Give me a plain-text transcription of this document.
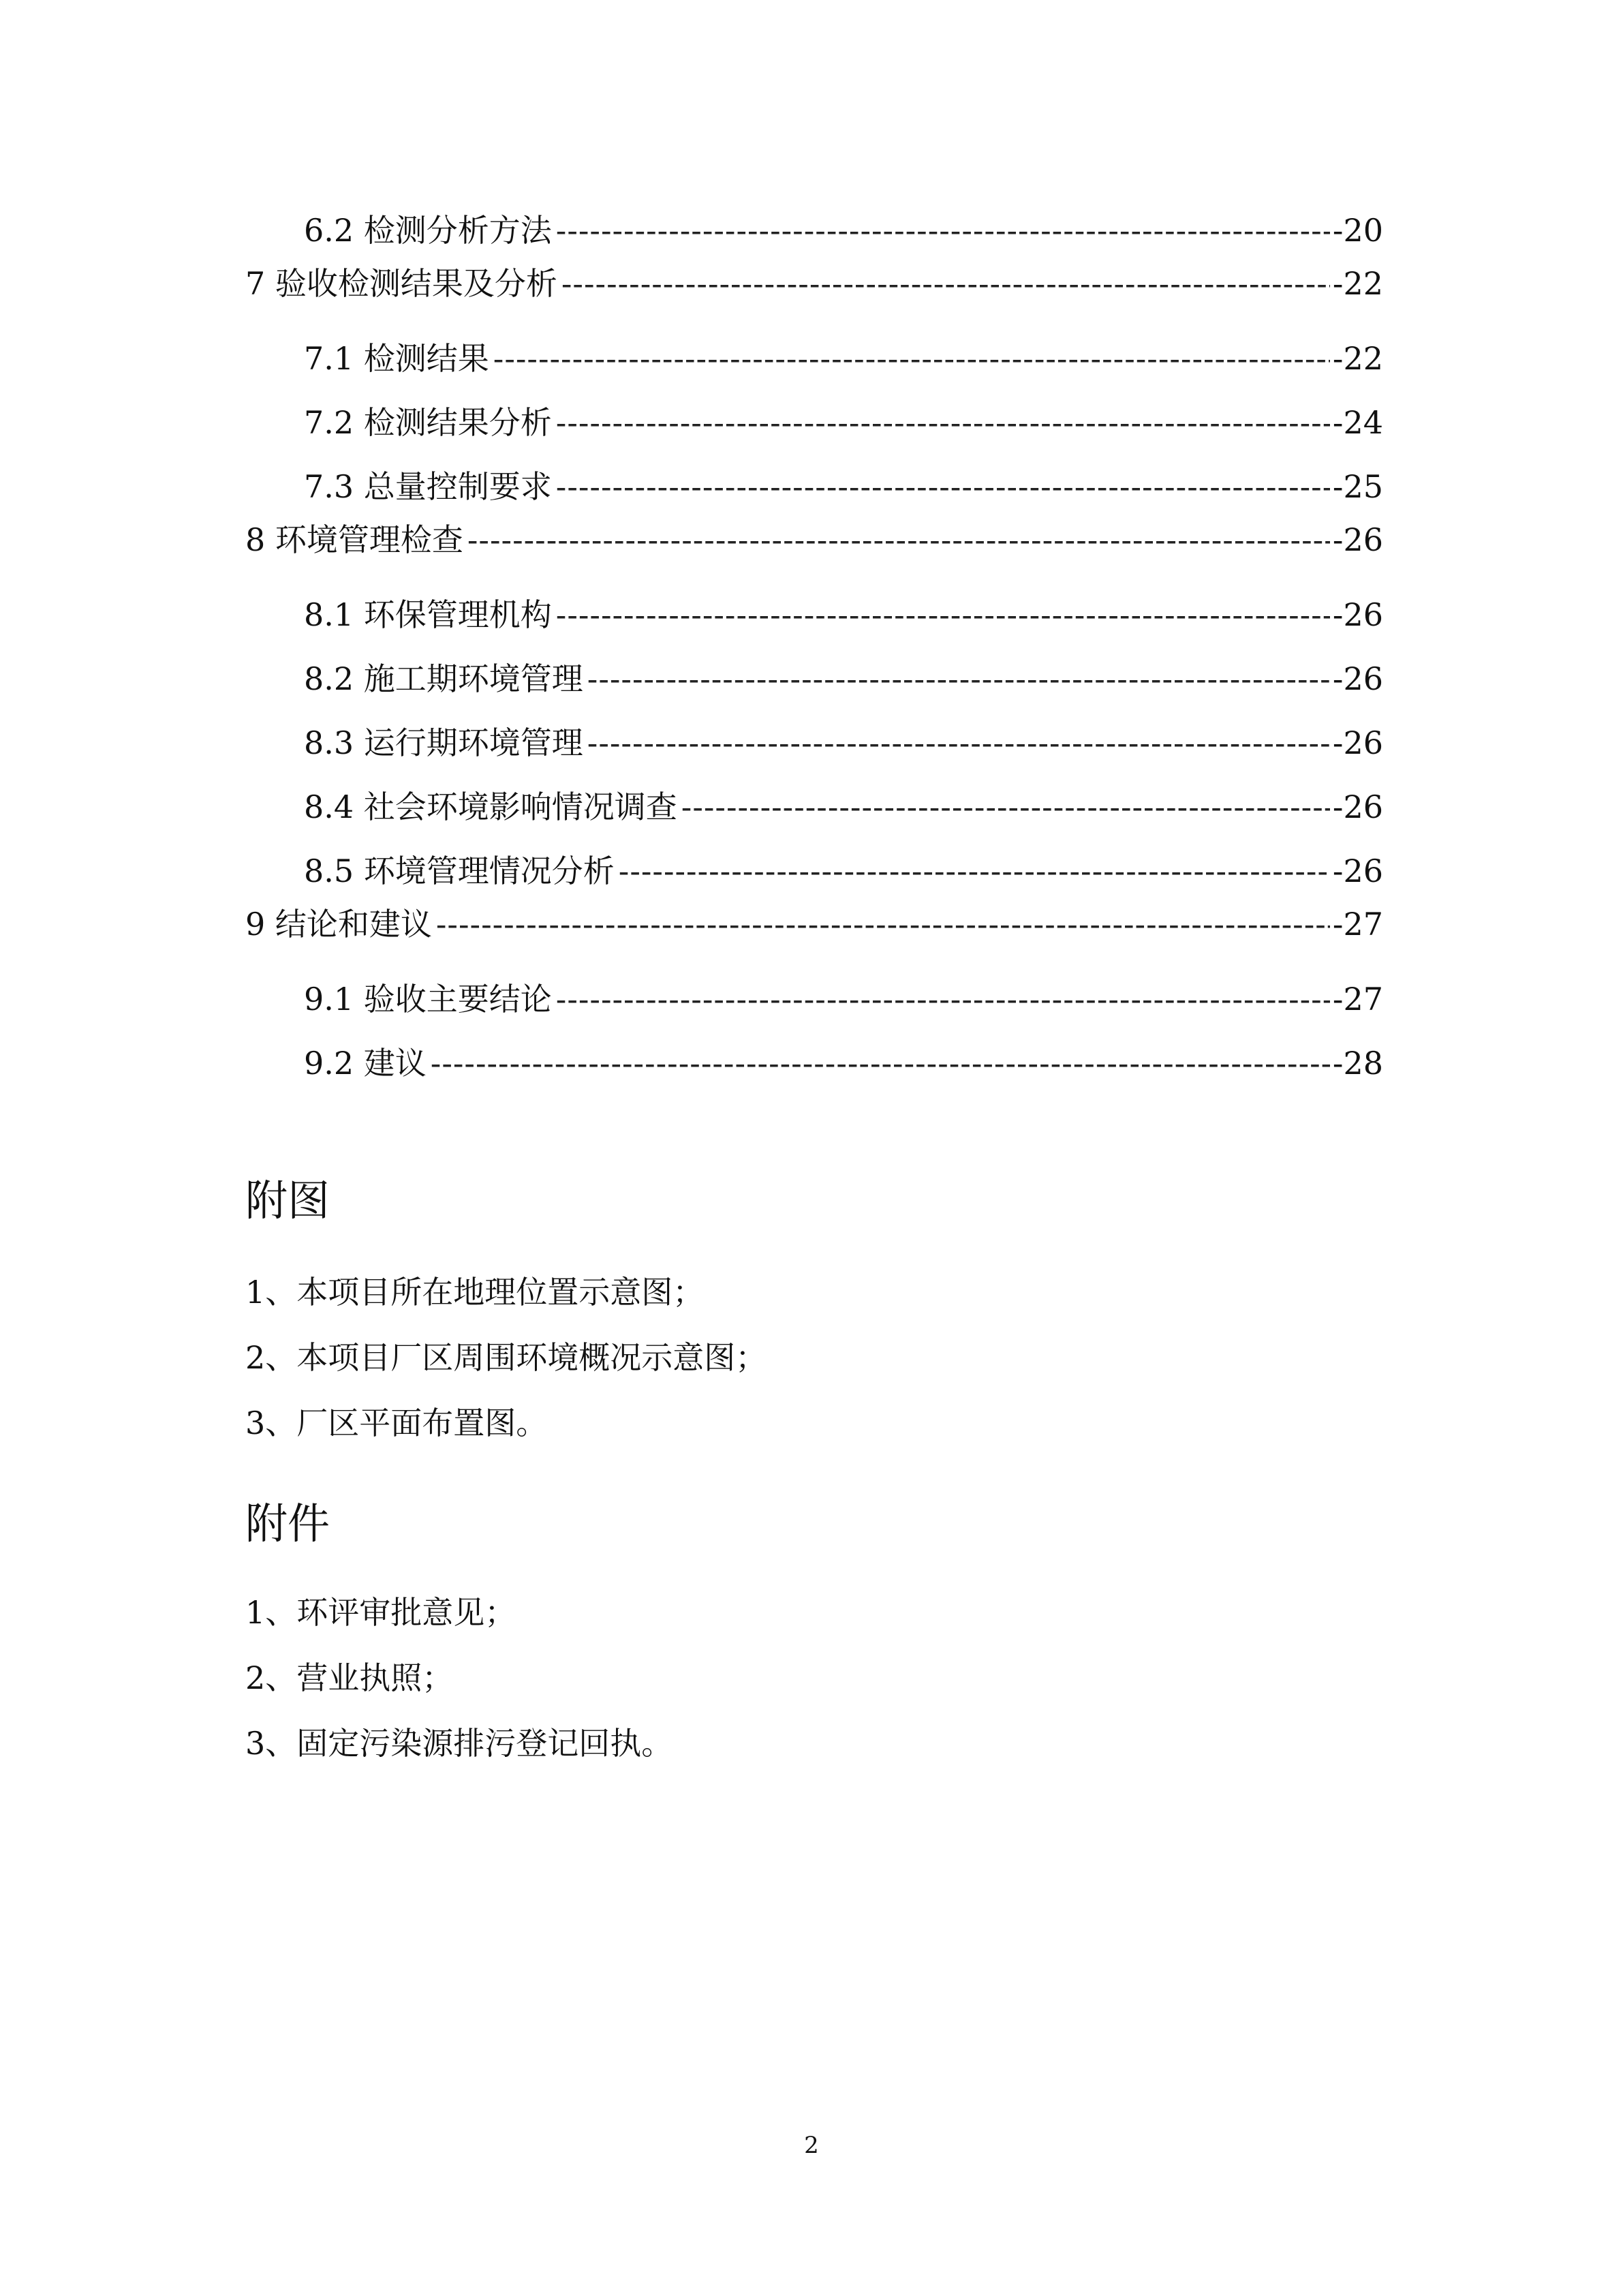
6.2 检测分析方法 -----	-20
7 验收检测结果及分析 -----	-22
7.1 检测结果 -----	-22
7.2 检测结果分析 -----	-24
7.3 总量控制要求 -----	-25
8 环境管理检查 -----	-26
8.1 环保管理机构 -----	-26
8.2 施工期环境管理 -----	-26
8.3 运行期环境管理 -----	-26
8.4 社会环境影响情况调查 -----	-26
8.5 环境管理情况分析 -----	-26
9 结论和建议 -----	-27
9.1 验收主要结论 -----	-27
9.2 建议 -----	-28
附图
1、本项目所在地理位置示意图；
2、本项目厂区周围环境概况示意图；
3、厂区平面布置图。
附件
1、环评审批意见；
2、营业执照；
3、固定污染源排污登记回执。
2
